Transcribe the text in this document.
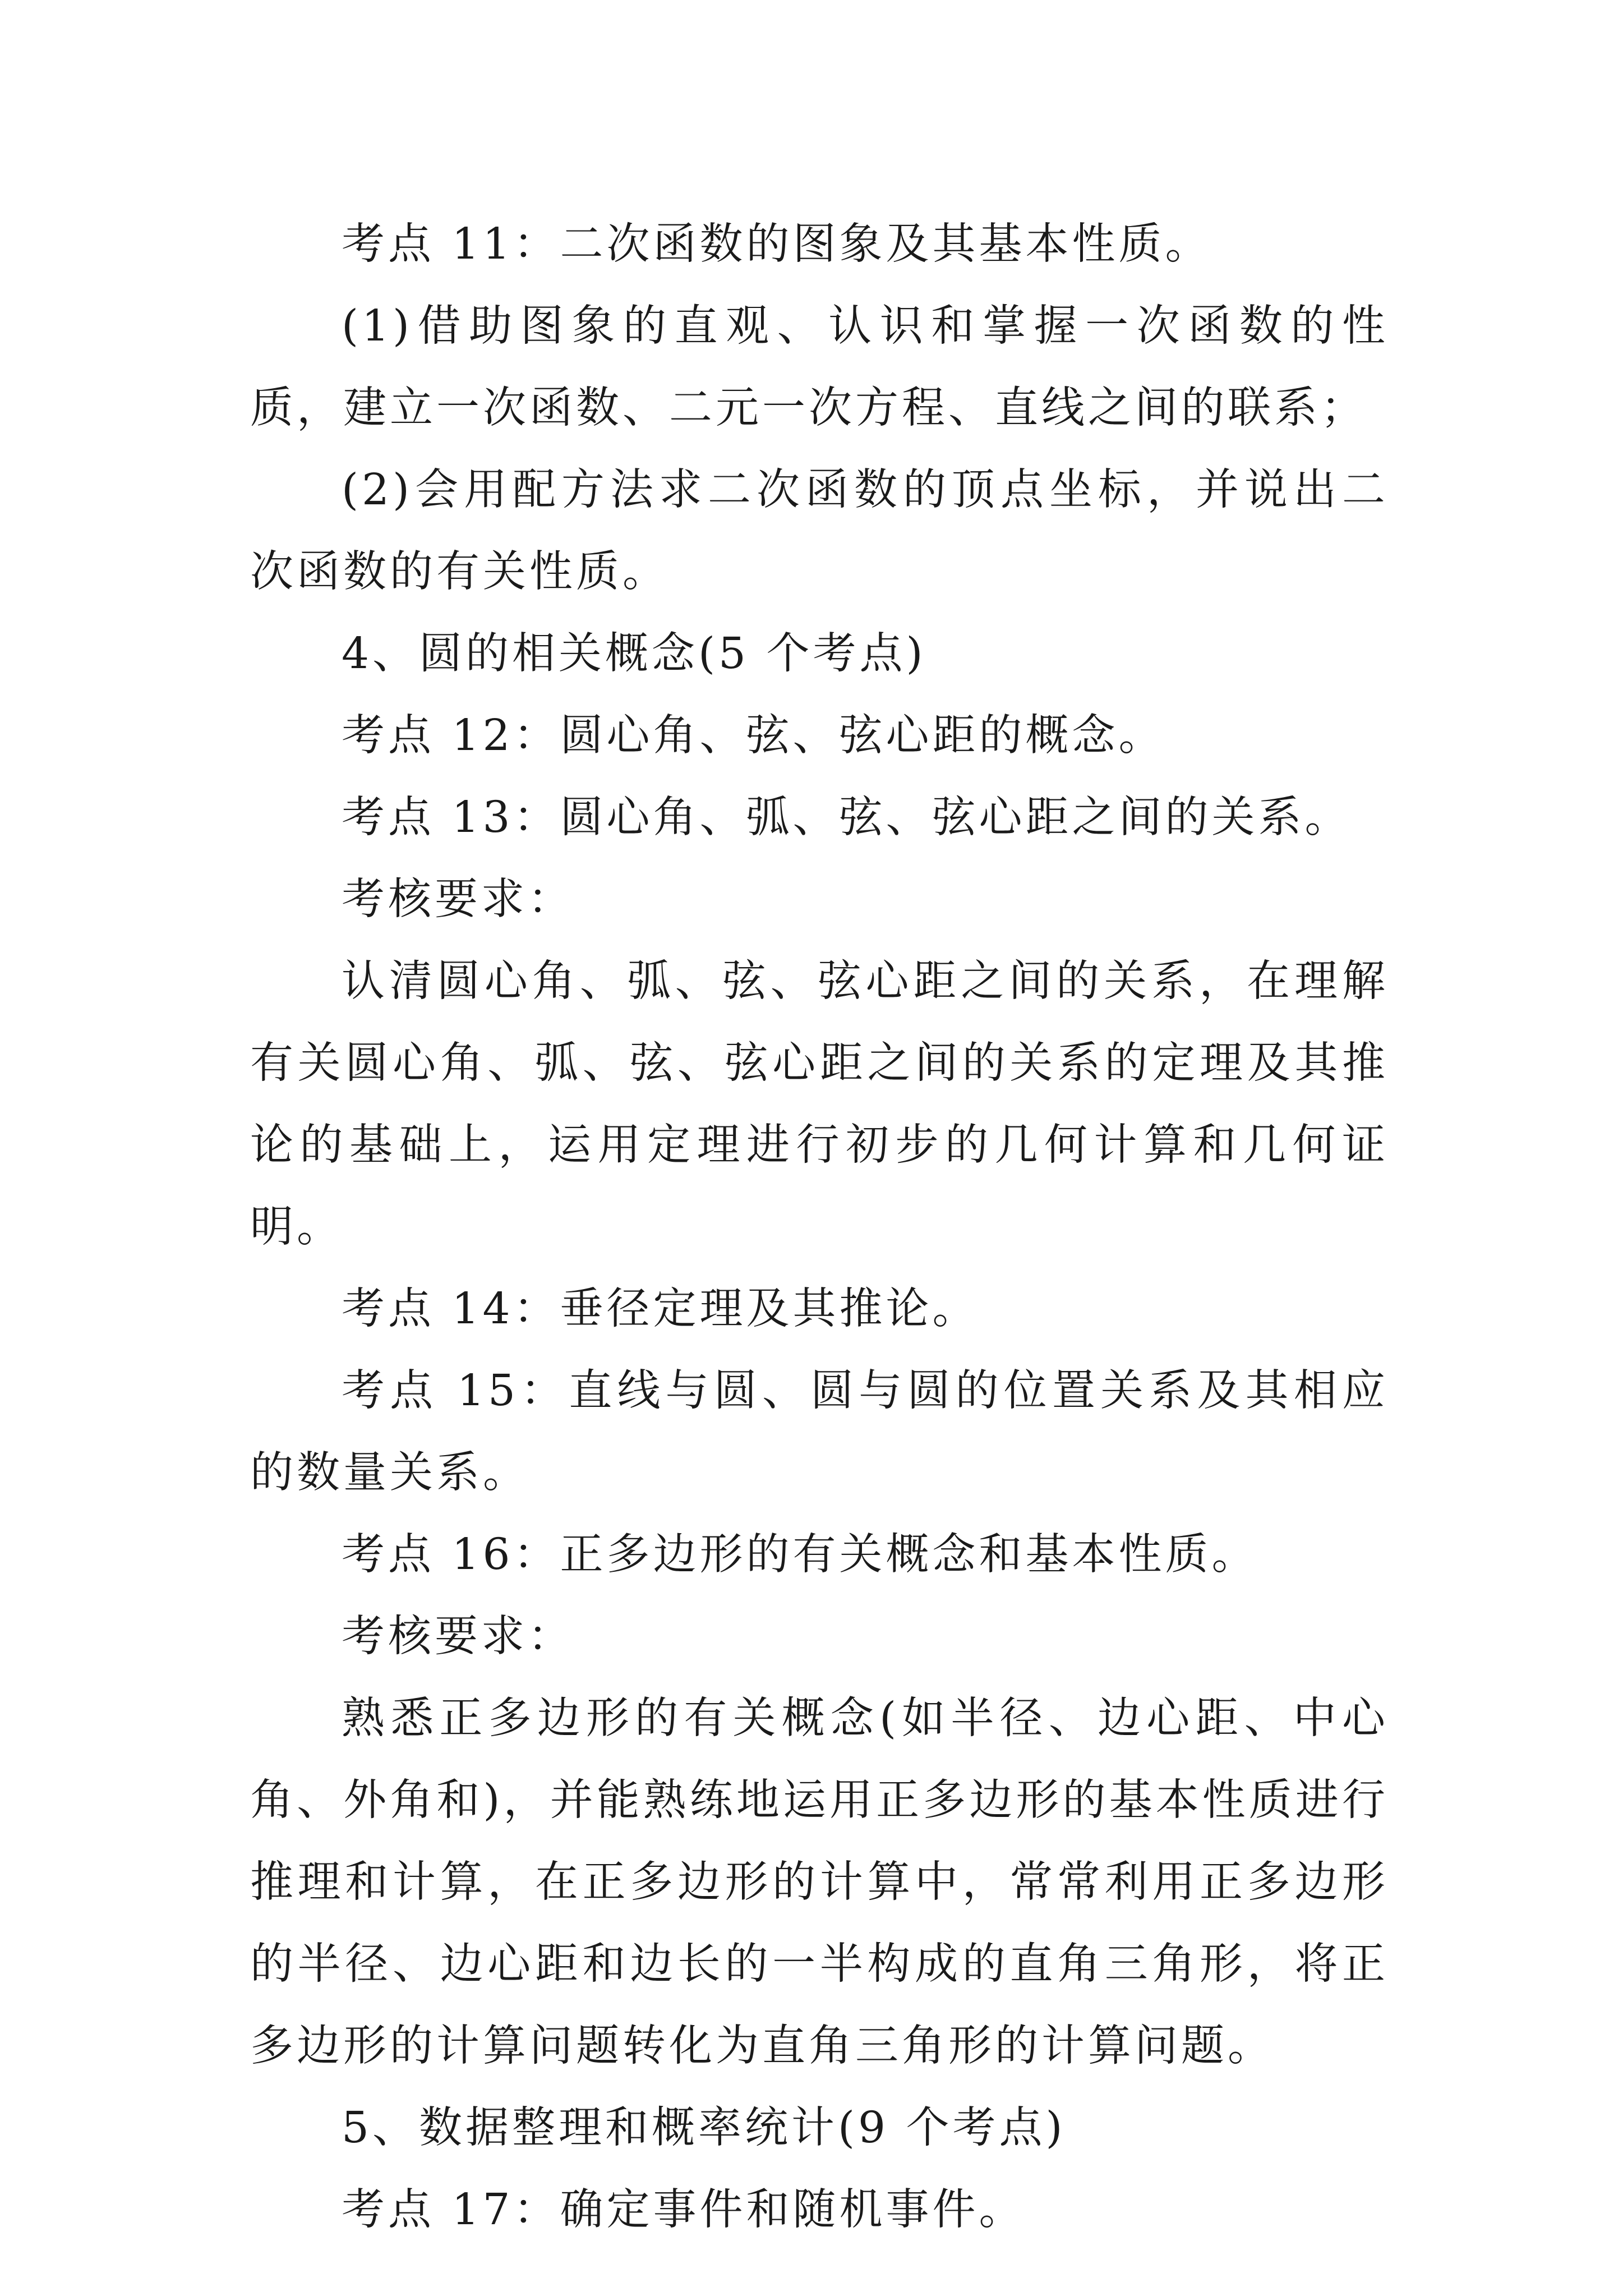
考点 11：二次函数的图象及其基本性质。

(1)借助图象的直观、认识和掌握一次函数的性质，建立一次函数、二元一次方程、直线之间的联系；

(2)会用配方法求二次函数的顶点坐标，并说出二次函数的有关性质。

4、圆的相关概念(5 个考点)

考点 12：圆心角、弦、弦心距的概念。

考点 13：圆心角、弧、弦、弦心距之间的关系。

考核要求：

认清圆心角、弧、弦、弦心距之间的关系，在理解有关圆心角、弧、弦、弦心距之间的关系的定理及其推论的基础上，运用定理进行初步的几何计算和几何证明。

考点 14：垂径定理及其推论。

考点 15：直线与圆、圆与圆的位置关系及其相应的数量关系。

考点 16：正多边形的有关概念和基本性质。

考核要求：

熟悉正多边形的有关概念(如半径、边心距、中心角、外角和)，并能熟练地运用正多边形的基本性质进行推理和计算，在正多边形的计算中，常常利用正多边形的半径、边心距和边长的一半构成的直角三角形，将正多边形的计算问题转化为直角三角形的计算问题。

5、数据整理和概率统计(9 个考点)

考点 17：确定事件和随机事件。
